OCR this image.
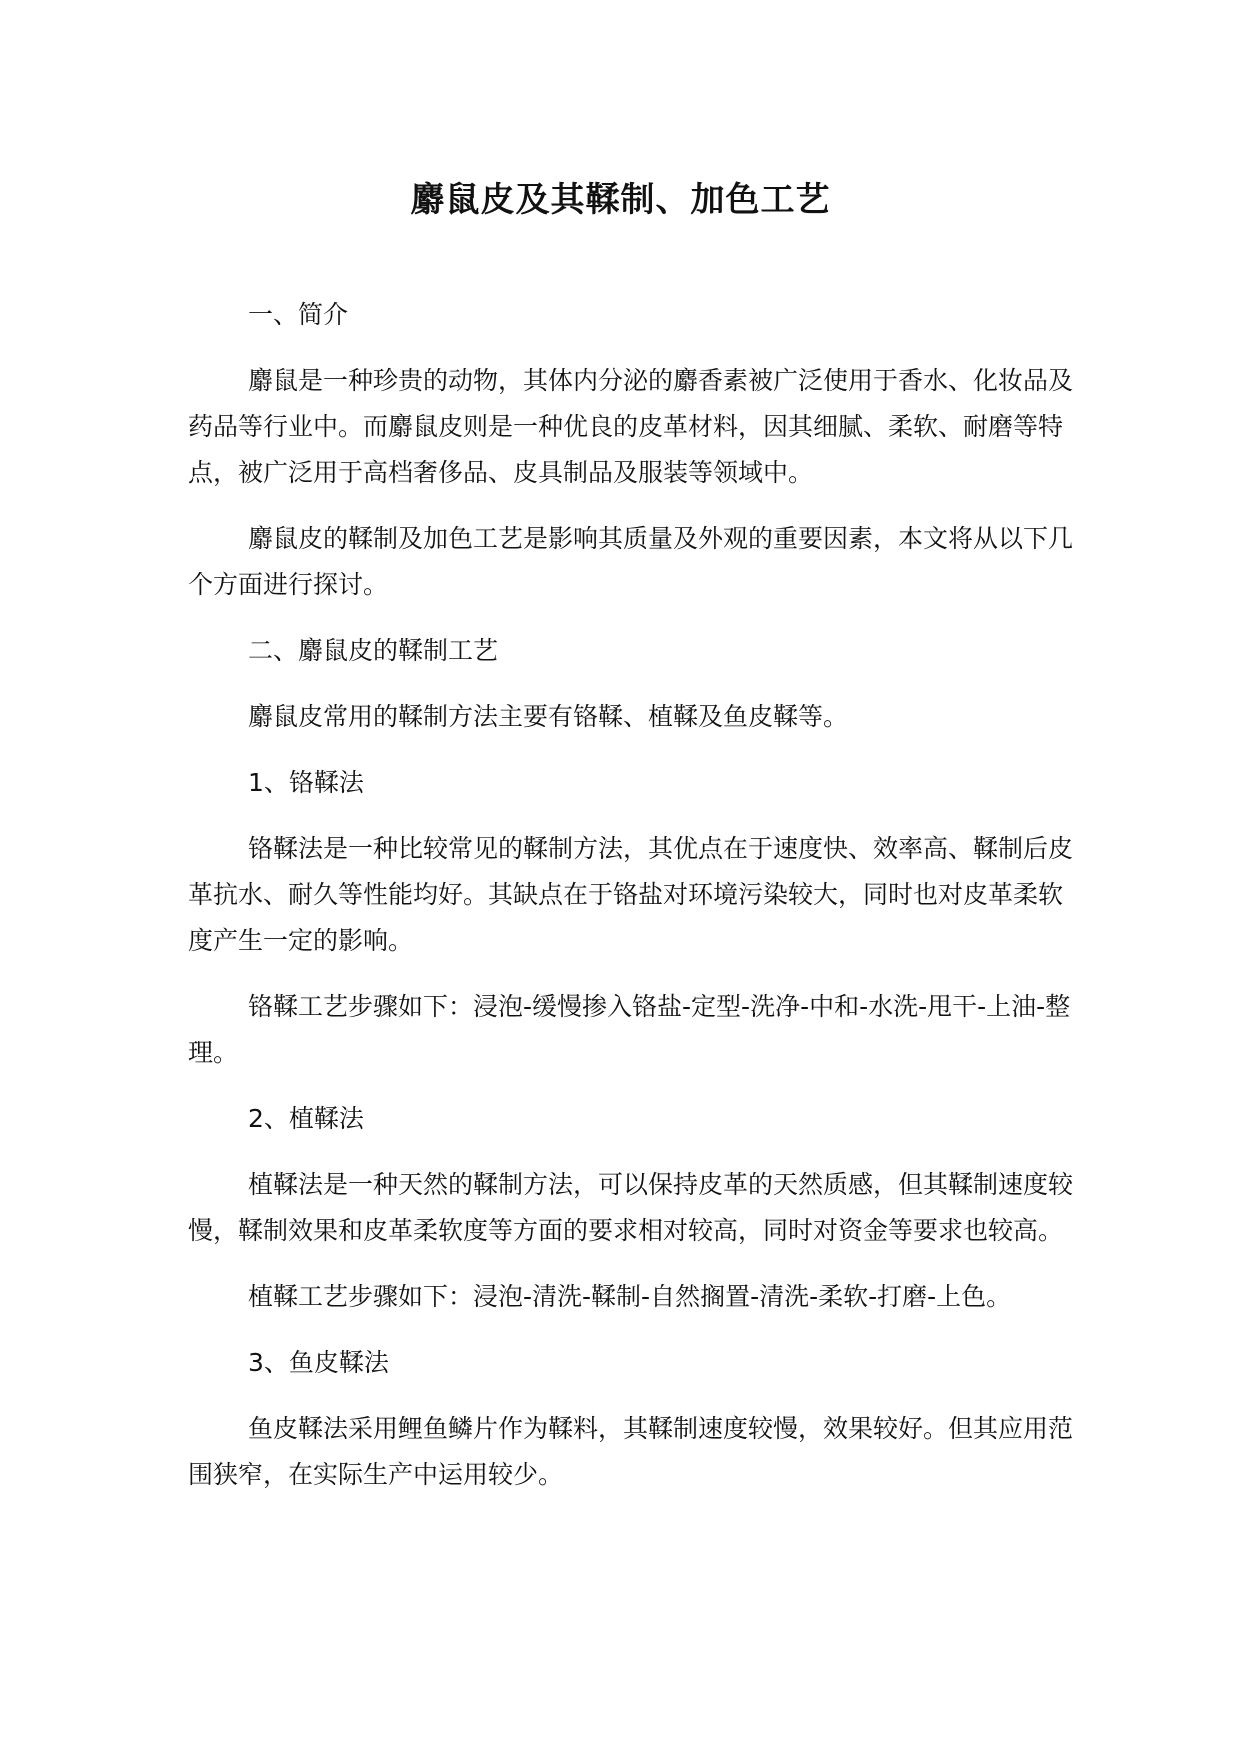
麝鼠皮及其鞣制、加色工艺

一、简介

麝鼠是一种珍贵的动物，其体内分泌的麝香素被广泛使用于香水、化妆品及药品等行业中。而麝鼠皮则是一种优良的皮革材料，因其细腻、柔软、耐磨等特点，被广泛用于高档奢侈品、皮具制品及服装等领域中。

麝鼠皮的鞣制及加色工艺是影响其质量及外观的重要因素，本文将从以下几个方面进行探讨。

二、麝鼠皮的鞣制工艺

麝鼠皮常用的鞣制方法主要有铬鞣、植鞣及鱼皮鞣等。

1、铬鞣法

铬鞣法是一种比较常见的鞣制方法，其优点在于速度快、效率高、鞣制后皮革抗水、耐久等性能均好。其缺点在于铬盐对环境污染较大，同时也对皮革柔软度产生一定的影响。

铬鞣工艺步骤如下：浸泡-缓慢掺入铬盐-定型-洗净-中和-水洗-甩干-上油-整理。

2、植鞣法

植鞣法是一种天然的鞣制方法，可以保持皮革的天然质感，但其鞣制速度较慢，鞣制效果和皮革柔软度等方面的要求相对较高，同时对资金等要求也较高。

植鞣工艺步骤如下：浸泡-清洗-鞣制-自然搁置-清洗-柔软-打磨-上色。

3、鱼皮鞣法

鱼皮鞣法采用鲤鱼鳞片作为鞣料，其鞣制速度较慢，效果较好。但其应用范围狭窄，在实际生产中运用较少。
